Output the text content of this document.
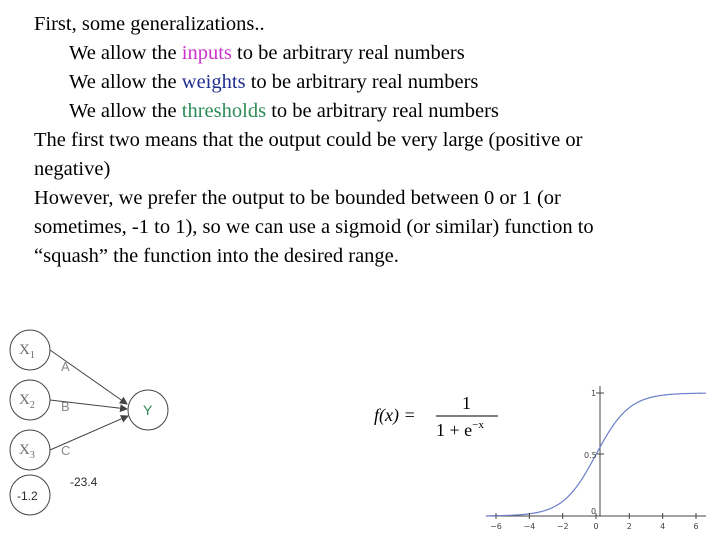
First, some generalizations..
We allow the inputs to be arbitrary real numbers
We allow the weights to be arbitrary real numbers
We allow the thresholds to be arbitrary real numbers
The first two means that the output could be very large (positive or
negative)
However, we prefer the output to be bounded between 0 or 1 (or
sometimes, -1 to 1), so we can use a sigmoid (or similar) function to
“squash” the function into the desired range.
$X_1$
$X_2$
$X_3$
-1.2
A
B
C
-23.4
Y	f(x) =
1
$1 + e^{-x}$
−6	−4	−2	0	2	4	6
1
0.5
0
